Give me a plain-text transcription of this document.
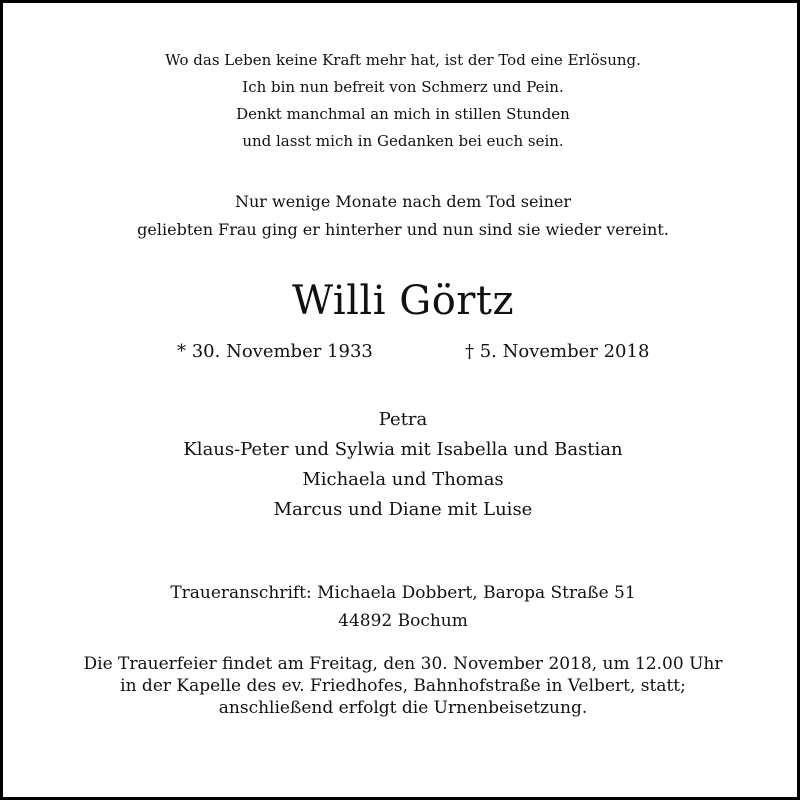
Wo das Leben keine Kraft mehr hat, ist der Tod eine Erlösung.
Ich bin nun befreit von Schmerz und Pein.
Denkt manchmal an mich in stillen Stunden
und lasst mich in Gedanken bei euch sein.
Nur wenige Monate nach dem Tod seiner
geliebten Frau ging er hinterher und nun sind sie wieder vereint.
Willi Görtz
* 30. November 1933	† 5. November 2018
Petra
Klaus-Peter und Sylwia mit Isabella und Bastian
Michaela und Thomas
Marcus und Diane mit Luise
Traueranschrift: Michaela Dobbert, Baropa Straße 51
44892 Bochum
Die Trauerfeier findet am Freitag, den 30. November 2018, um 12.00 Uhr
in der Kapelle des ev. Friedhofes, Bahnhofstraße in Velbert, statt;
anschließend erfolgt die Urnenbeisetzung.
